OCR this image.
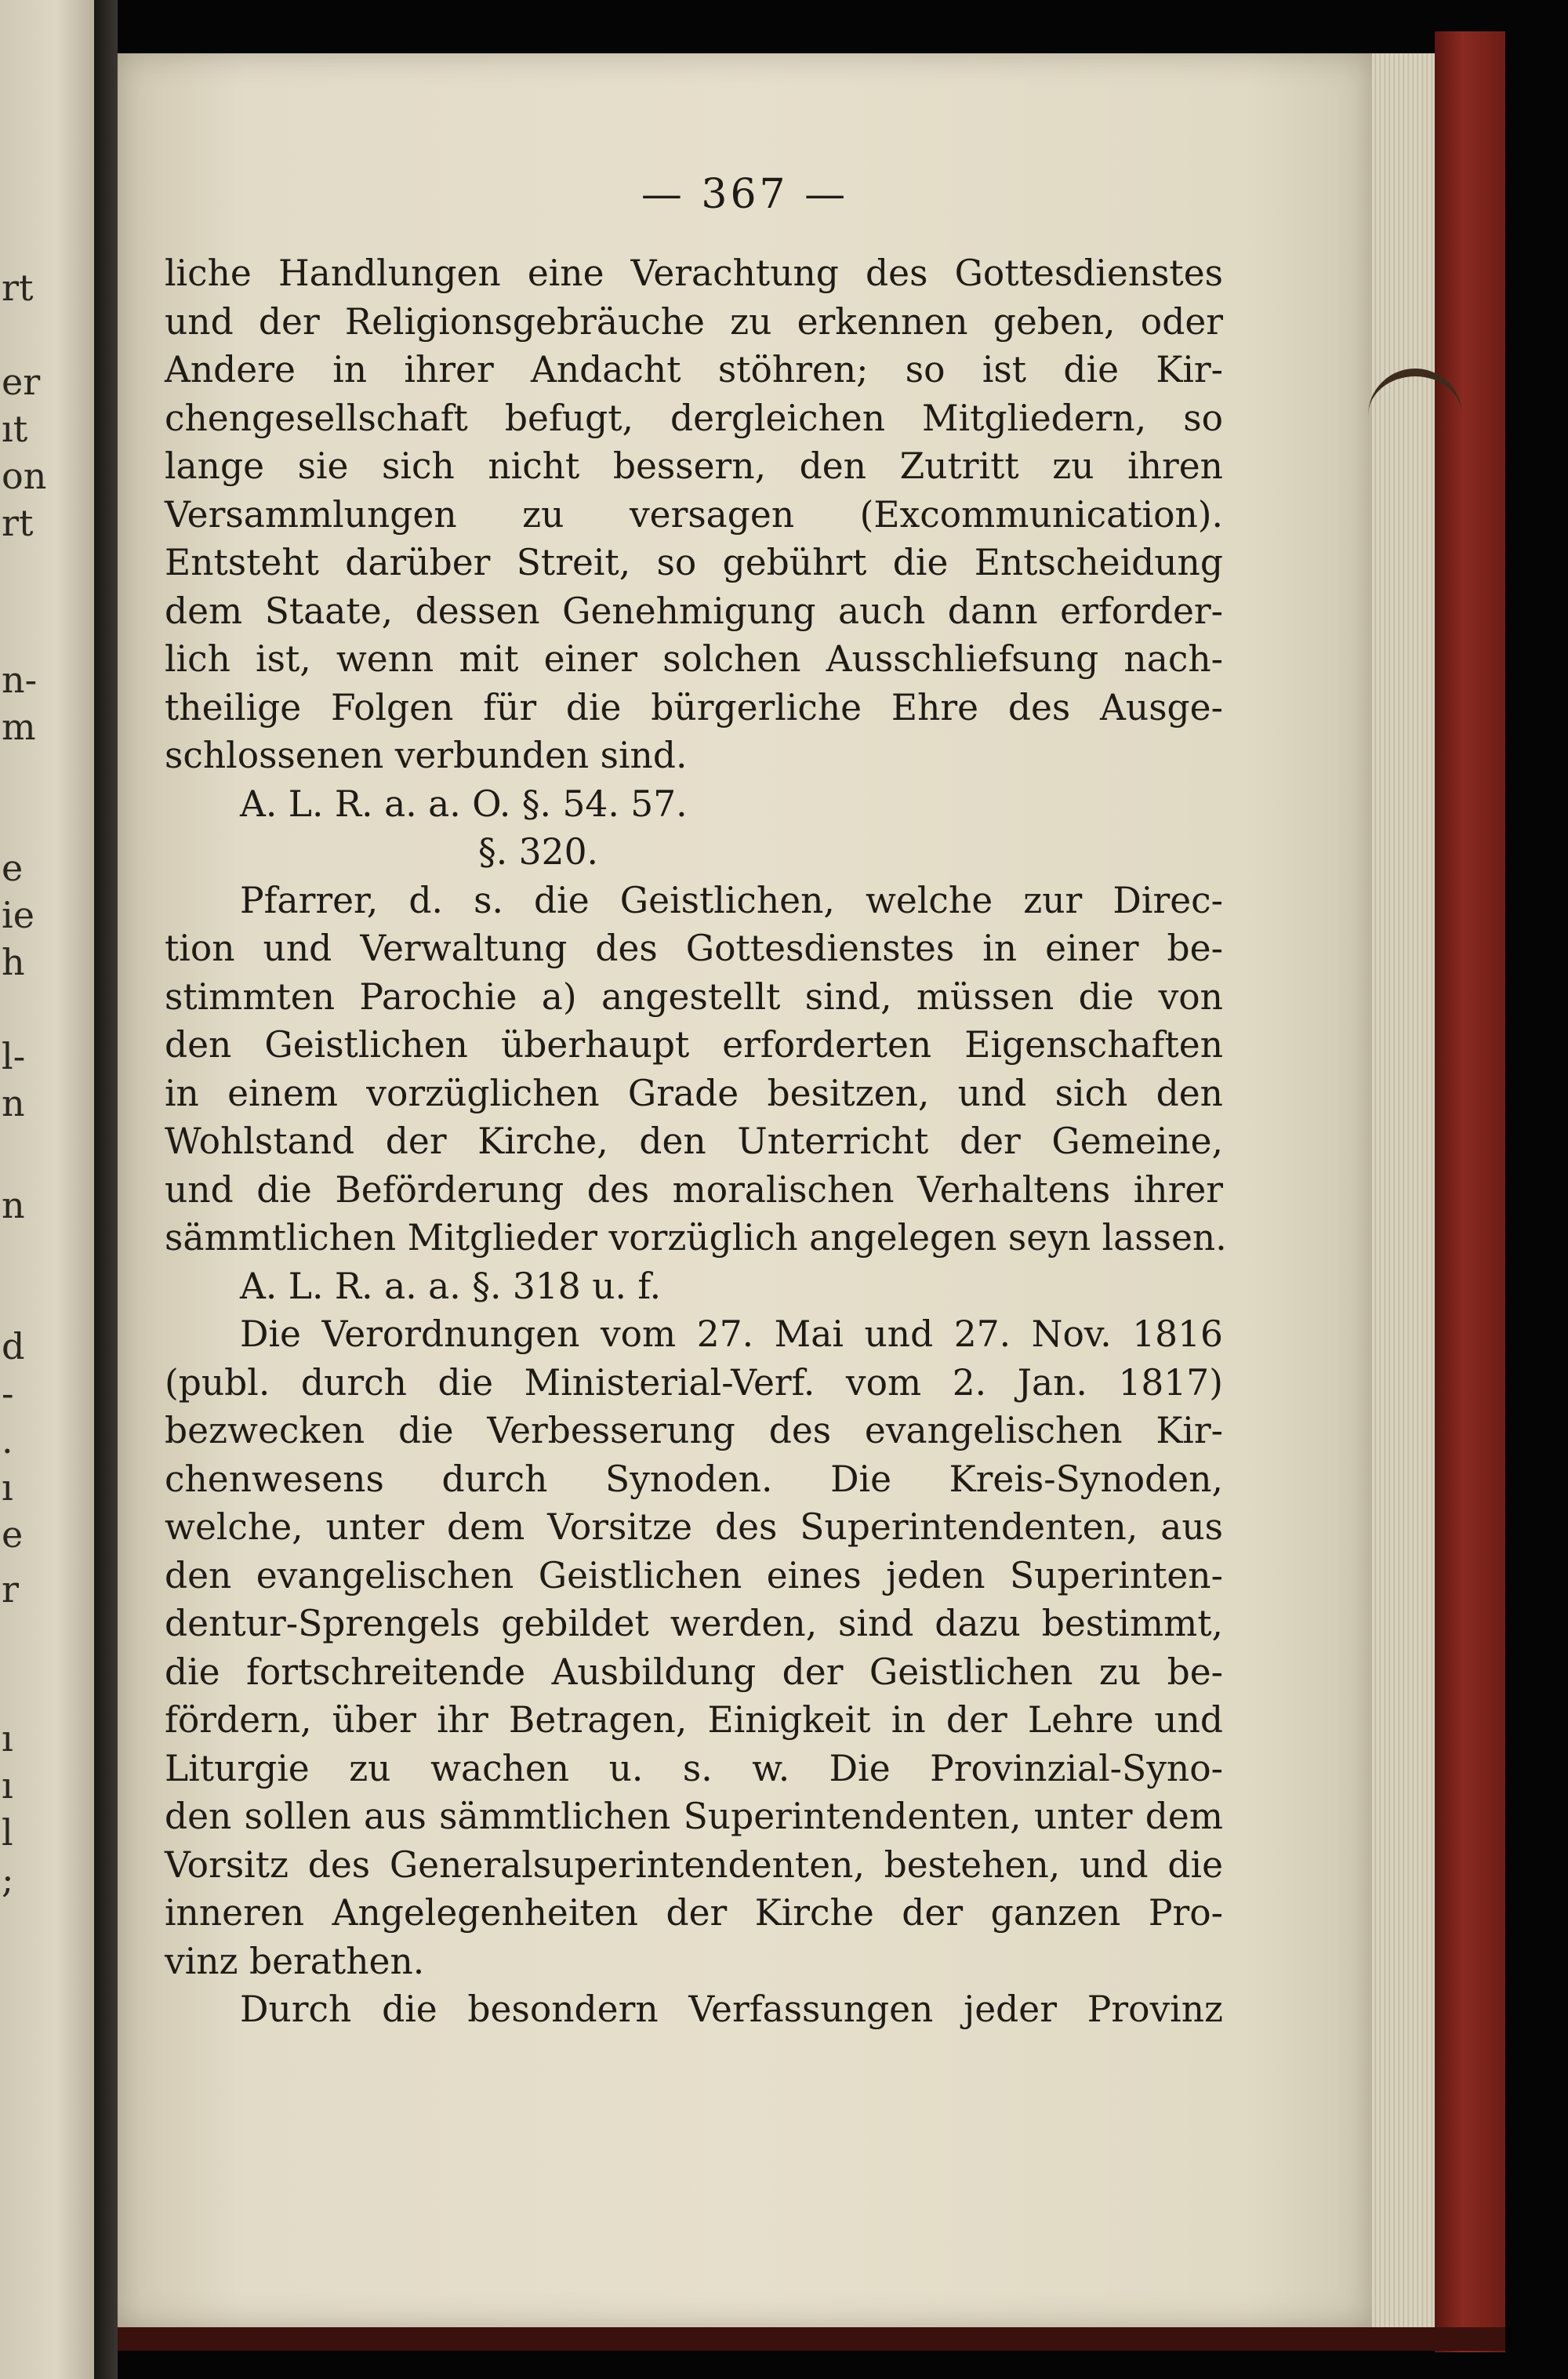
rt
er
ıt
on
rt
n-
m
e
ie
h
l-
n
n
d
-
.
ı
e
r
ı
ı
l
;
— 367 —
liche Handlungen eine Verachtung des Gottesdienstes
und der Religionsgebräuche zu erkennen geben, oder
Andere in ihrer Andacht stöhren; so ist die Kir-
chengesellschaft befugt, dergleichen Mitgliedern, so
lange sie sich nicht bessern, den Zutritt zu ihren
Versammlungen zu versagen (Excommunication).
Entsteht darüber Streit, so gebührt die Entscheidung
dem Staate, dessen Genehmigung auch dann erforder-
lich ist, wenn mit einer solchen Ausschliefsung nach-
theilige Folgen für die bürgerliche Ehre des Ausge-
schlossenen verbunden sind.
A. L. R. a. a. O. §. 54. 57.
§. 320.
Pfarrer, d. s. die Geistlichen, welche zur Direc-
tion und Verwaltung des Gottesdienstes in einer be-
stimmten Parochie a) angestellt sind, müssen die von
den Geistlichen überhaupt erforderten Eigenschaften
in einem vorzüglichen Grade besitzen, und sich den
Wohlstand der Kirche, den Unterricht der Gemeine,
und die Beförderung des moralischen Verhaltens ihrer
sämmtlichen Mitglieder vorzüglich angelegen seyn lassen.
A. L. R. a. a. §. 318 u. f.
Die Verordnungen vom 27. Mai und 27. Nov. 1816
(publ. durch die Ministerial-Verf. vom 2. Jan. 1817)
bezwecken die Verbesserung des evangelischen Kir-
chenwesens durch Synoden. Die Kreis-Synoden,
welche, unter dem Vorsitze des Superintendenten, aus
den evangelischen Geistlichen eines jeden Superinten-
dentur-Sprengels gebildet werden, sind dazu bestimmt,
die fortschreitende Ausbildung der Geistlichen zu be-
fördern, über ihr Betragen, Einigkeit in der Lehre und
Liturgie zu wachen u. s. w. Die Provinzial-Syno-
den sollen aus sämmtlichen Superintendenten, unter dem
Vorsitz des Generalsuperintendenten, bestehen, und die
inneren Angelegenheiten der Kirche der ganzen Pro-
vinz berathen.
Durch die besondern Verfassungen jeder Provinz
